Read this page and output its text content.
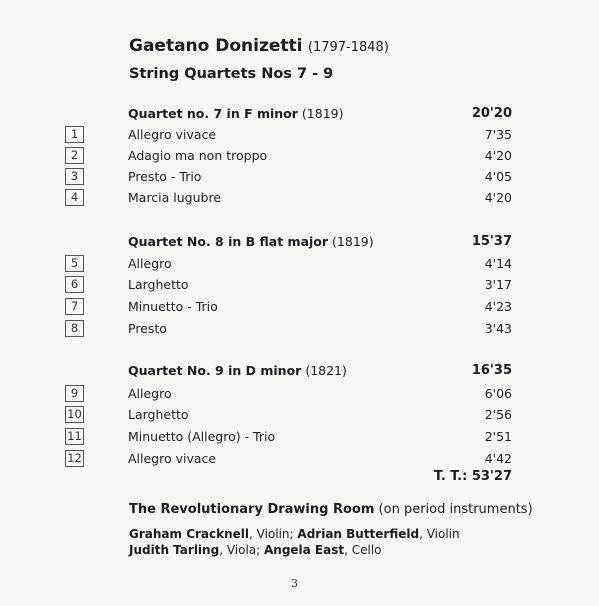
Gaetano Donizetti (1797-1848)
String Quartets Nos 7 - 9
Quartet no. 7 in F minor (1819)	20'20
1	Allegro vivace	7'35
2	Adagio ma non troppo	4'20
3	Presto - Trio	4'05
4	Marcia lugubre	4'20
Quartet No. 8 in B flat major (1819)	15'37
5	Allegro	4'14
6	Larghetto	3'17
7	Minuetto - Trio	4'23
8	Presto	3'43
Quartet No. 9 in D minor (1821)	16'35
9	Allegro	6'06
10	Larghetto	2'56
11	Minuetto (Allegro) - Trio	2'51
12	Allegro vivace	4'42
T. T.: 53'27
The Revolutionary Drawing Room (on period instruments)
Graham Cracknell, Violin; Adrian Butterfield, Violin
Judith Tarling, Viola; Angela East, Cello
3
